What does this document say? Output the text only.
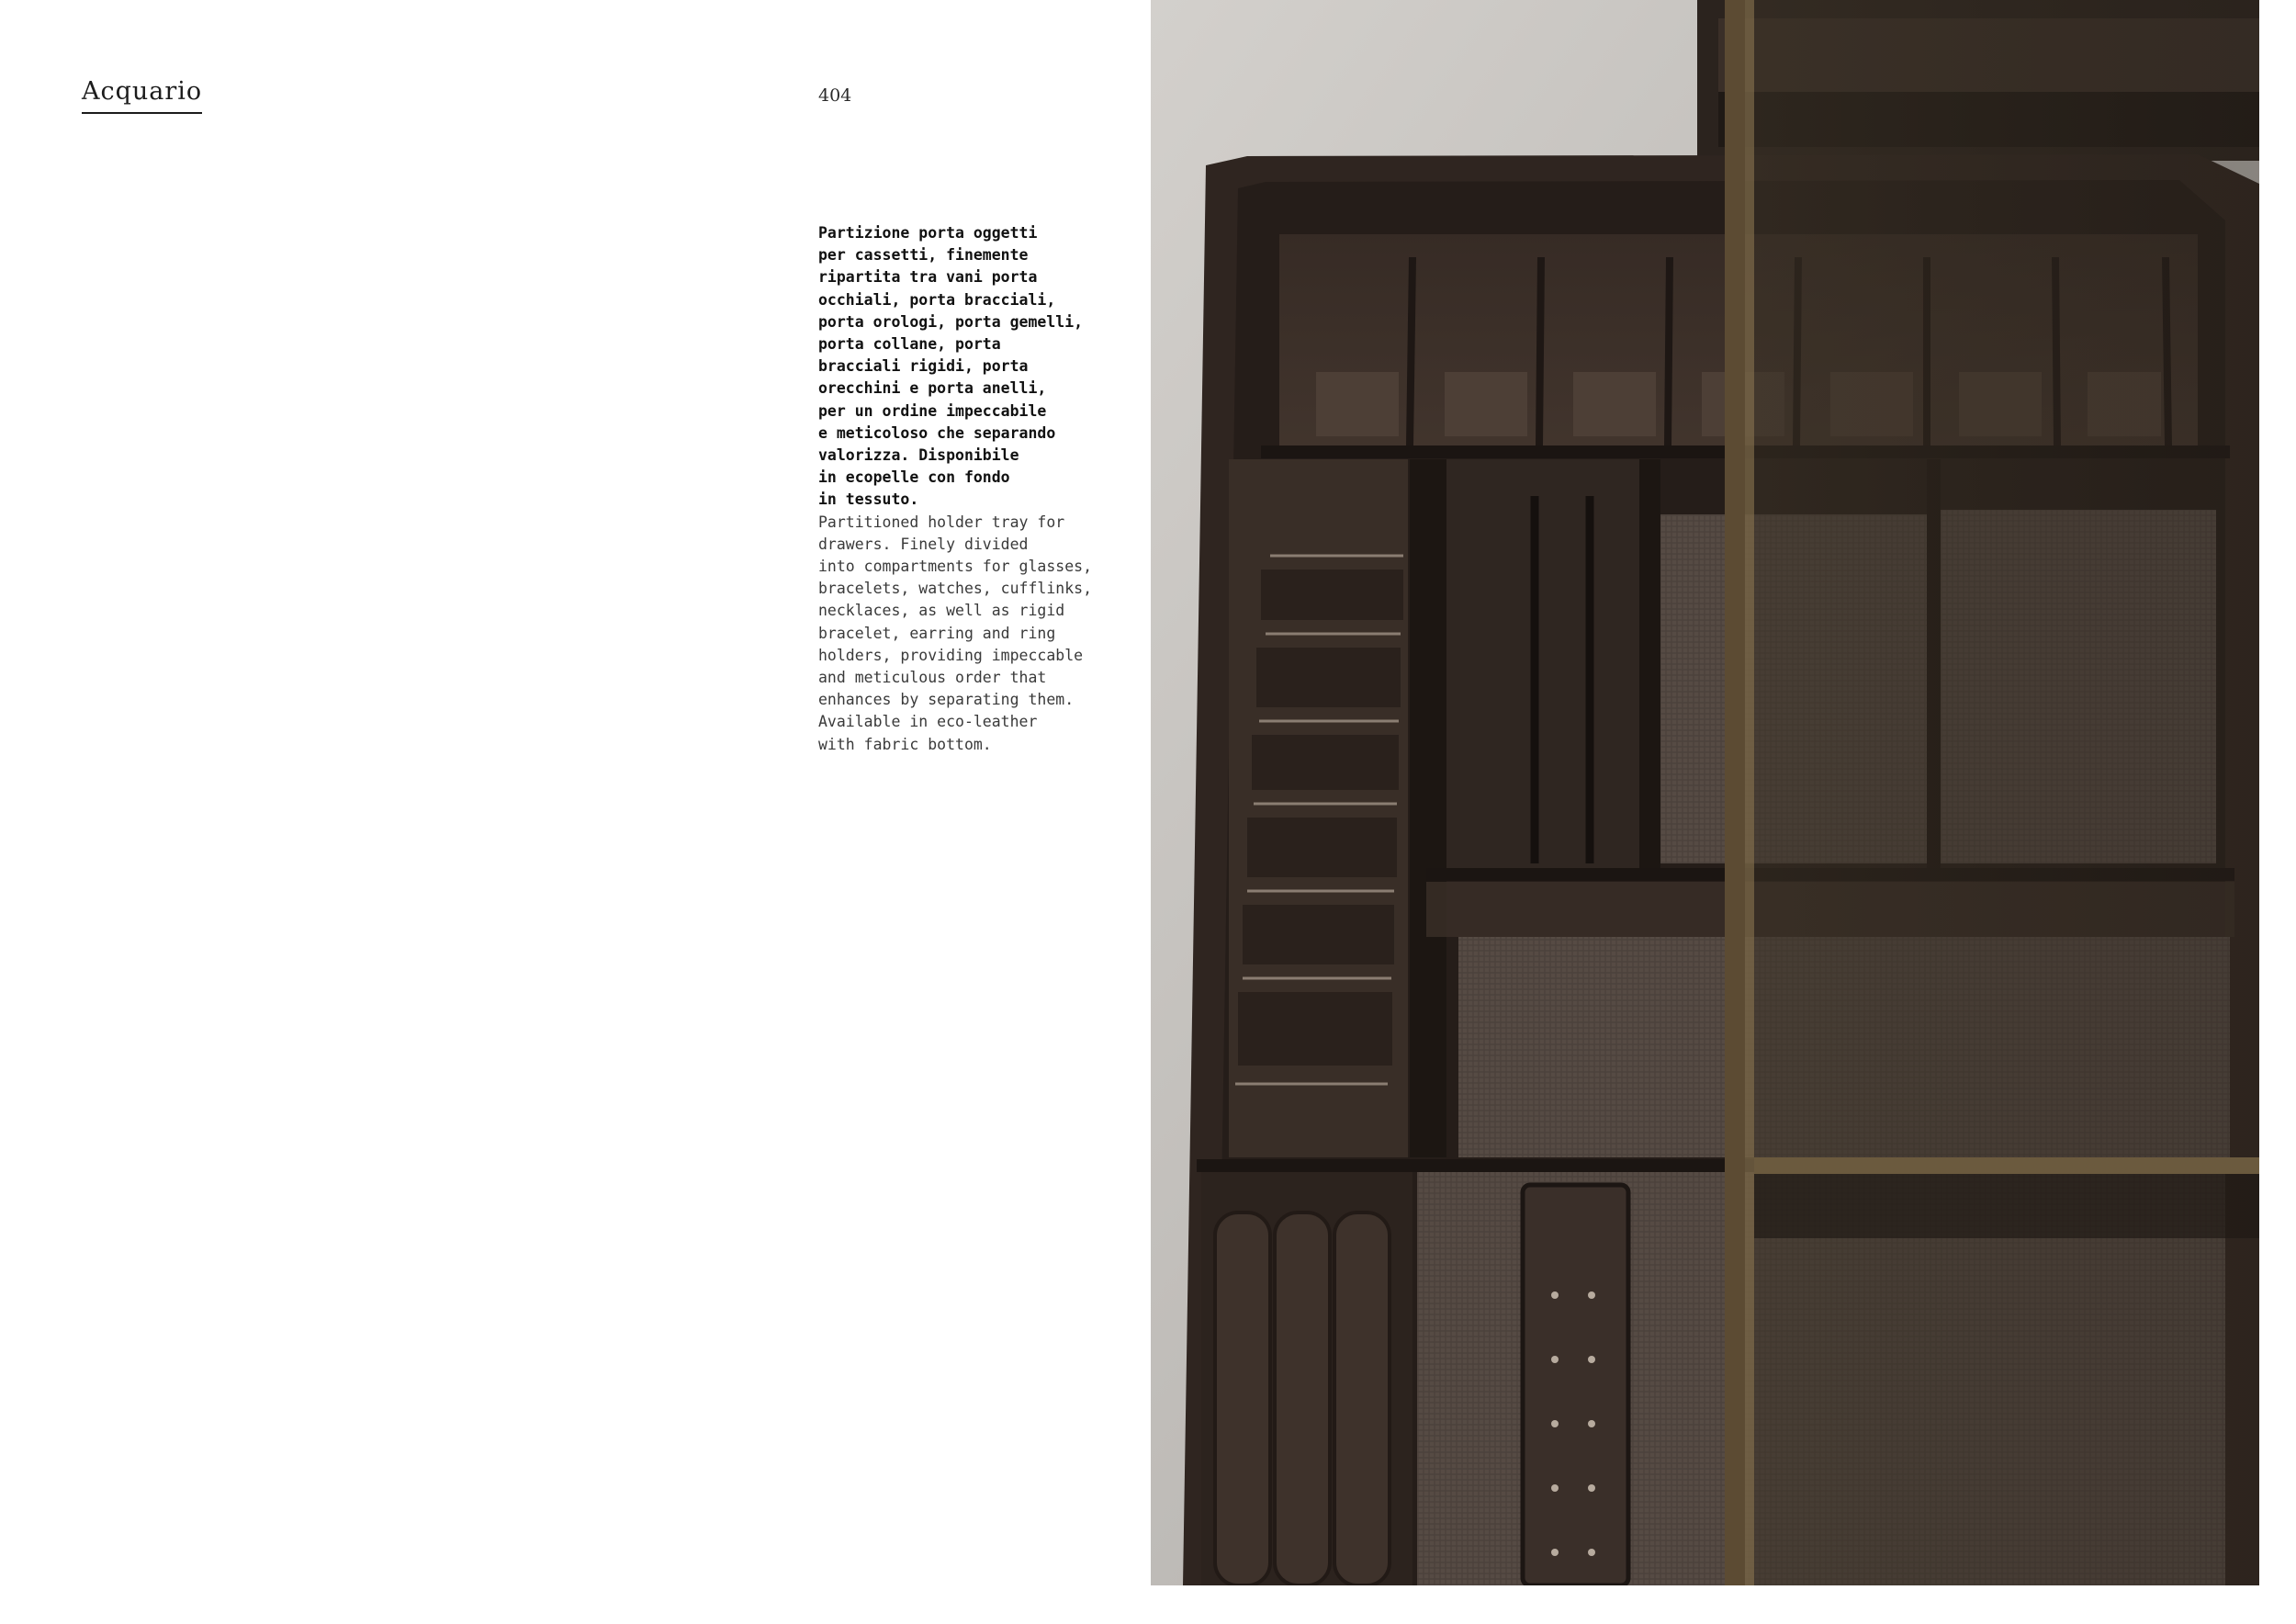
Acquario	404
Partizione porta oggetti
per cassetti, finemente
ripartita tra vani porta
occhiali, porta bracciali,
porta orologi, porta gemelli,
porta collane, porta
bracciali rigidi, porta
orecchini e porta anelli,
per un ordine impeccabile
e meticoloso che separando
valorizza. Disponibile
in ecopelle con fondo
in tessuto.
Partitioned holder tray for
drawers. Finely divided
into compartments for glasses,
bracelets, watches, cufflinks,
necklaces, as well as rigid
bracelet, earring and ring
holders, providing impeccable
and meticulous order that
enhances by separating them.
Available in eco-leather
with fabric bottom.
